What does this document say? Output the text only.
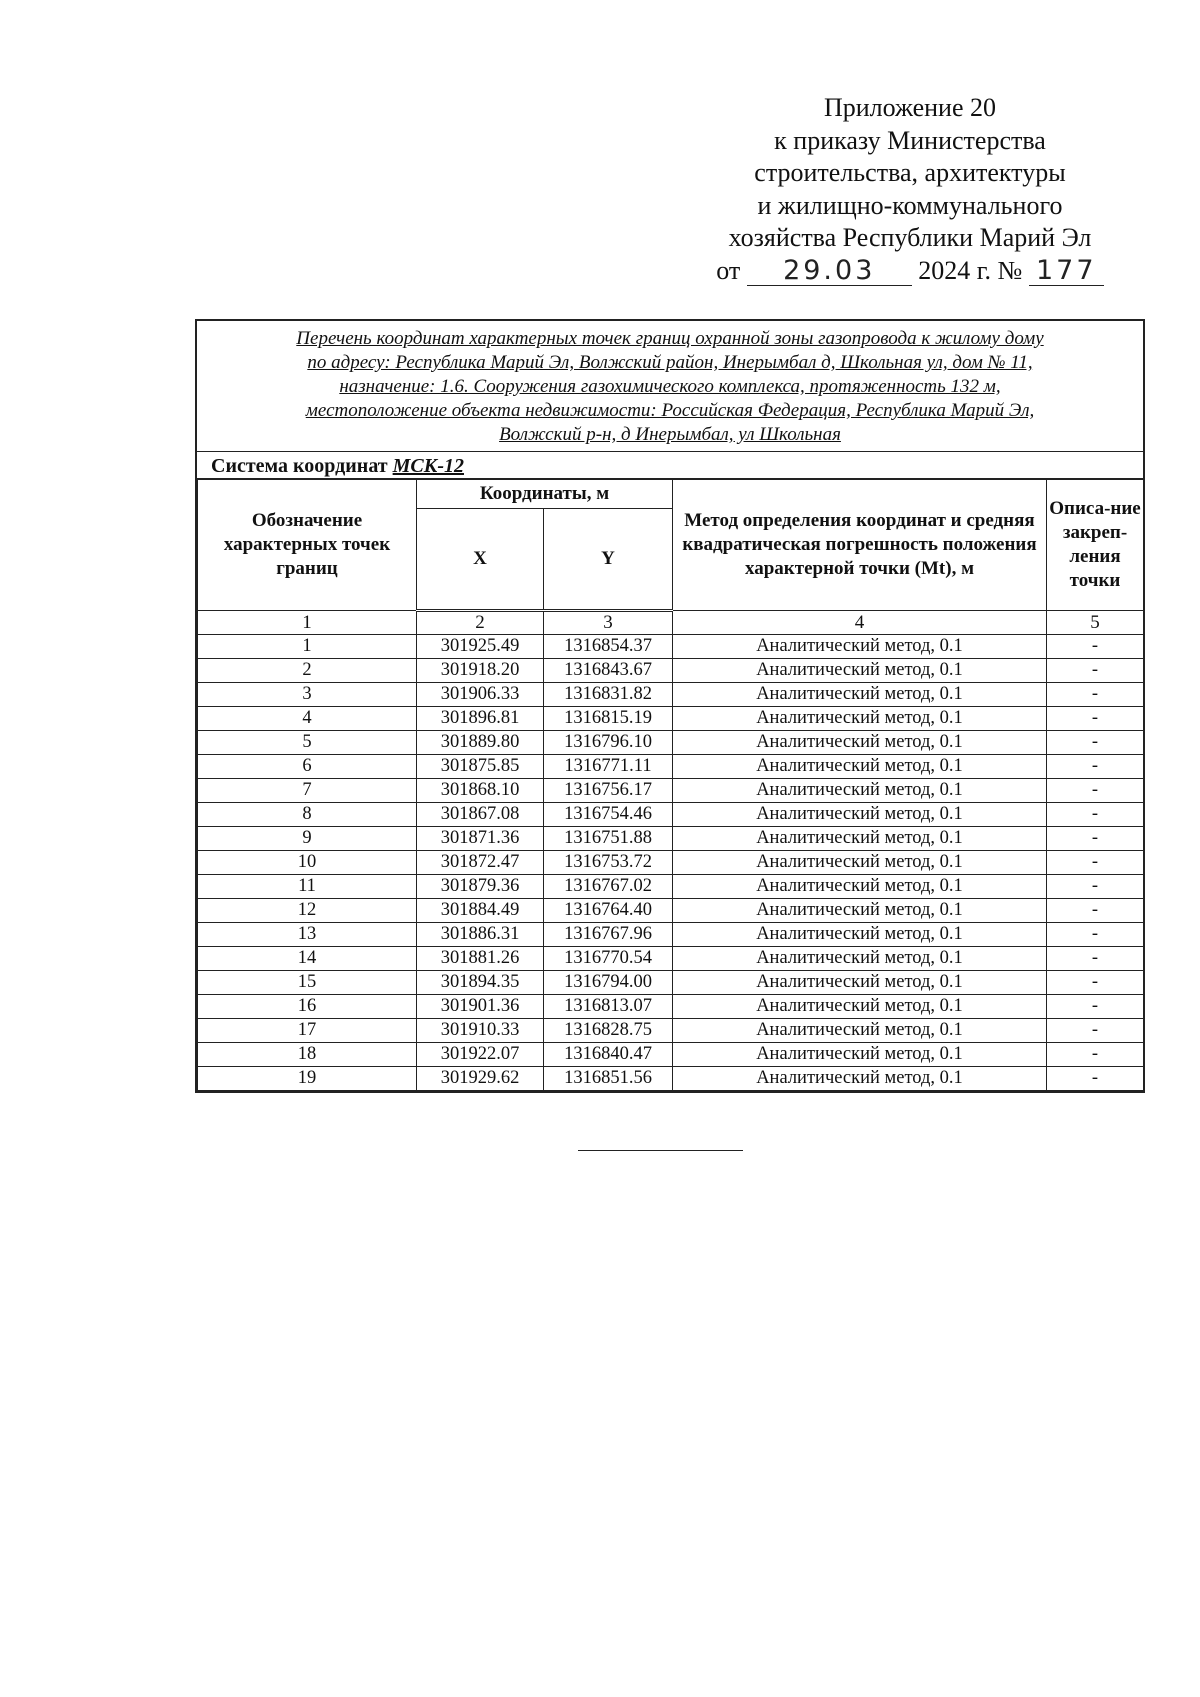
Приложение 20
к приказу Министерства
строительства, архитектуры
и жилищно-коммунального
хозяйства Республики Марий Эл
от 29.03 2024 г. № 177
Перечень координат характерных точек границ охранной зоны газопровода к жилому дому
по адресу: Республика Марий Эл, Волжский район, Инерымбал д, Школьная ул, дом № 11,
назначение: 1.6. Сооружения газохимического комплекса, протяженность 132 м,
местоположение объекта недвижимости: Российская Федерация, Республика Марий Эл,
Волжский р-н, д Инерымбал, ул Школьная
Система координат МСК-12
Обозначение характерных точек границ	Координаты, м		Метод определения координат и средняя квадратическая погрешность положения характерной точки (Mt), м	Описа-ние закреп-ления точки
	X	Y		
1	2	3	4	5
1	301925.49	1316854.37	Аналитический метод, 0.1	-
2	301918.20	1316843.67	Аналитический метод, 0.1	-
3	301906.33	1316831.82	Аналитический метод, 0.1	-
4	301896.81	1316815.19	Аналитический метод, 0.1	-
5	301889.80	1316796.10	Аналитический метод, 0.1	-
6	301875.85	1316771.11	Аналитический метод, 0.1	-
7	301868.10	1316756.17	Аналитический метод, 0.1	-
8	301867.08	1316754.46	Аналитический метод, 0.1	-
9	301871.36	1316751.88	Аналитический метод, 0.1	-
10	301872.47	1316753.72	Аналитический метод, 0.1	-
11	301879.36	1316767.02	Аналитический метод, 0.1	-
12	301884.49	1316764.40	Аналитический метод, 0.1	-
13	301886.31	1316767.96	Аналитический метод, 0.1	-
14	301881.26	1316770.54	Аналитический метод, 0.1	-
15	301894.35	1316794.00	Аналитический метод, 0.1	-
16	301901.36	1316813.07	Аналитический метод, 0.1	-
17	301910.33	1316828.75	Аналитический метод, 0.1	-
18	301922.07	1316840.47	Аналитический метод, 0.1	-
19	301929.62	1316851.56	Аналитический метод, 0.1	-
